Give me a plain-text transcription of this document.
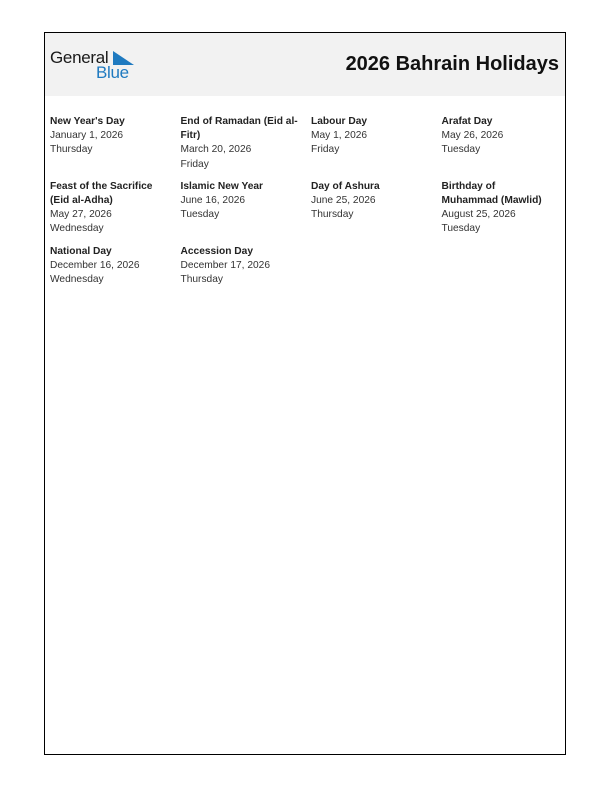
General
Blue	2026 Bahrain Holidays
New Year's Day
January 1, 2026
Thursday
End of Ramadan (Eid al-Fitr)
March 20, 2026
Friday
Labour Day
May 1, 2026
Friday
Arafat Day
May 26, 2026
Tuesday
Feast of the Sacrifice (Eid al-Adha)
May 27, 2026
Wednesday
Islamic New Year
June 16, 2026
Tuesday
Day of Ashura
June 25, 2026
Thursday
Birthday of Muhammad (Mawlid)
August 25, 2026
Tuesday
National Day
December 16, 2026
Wednesday
Accession Day
December 17, 2026
Thursday
